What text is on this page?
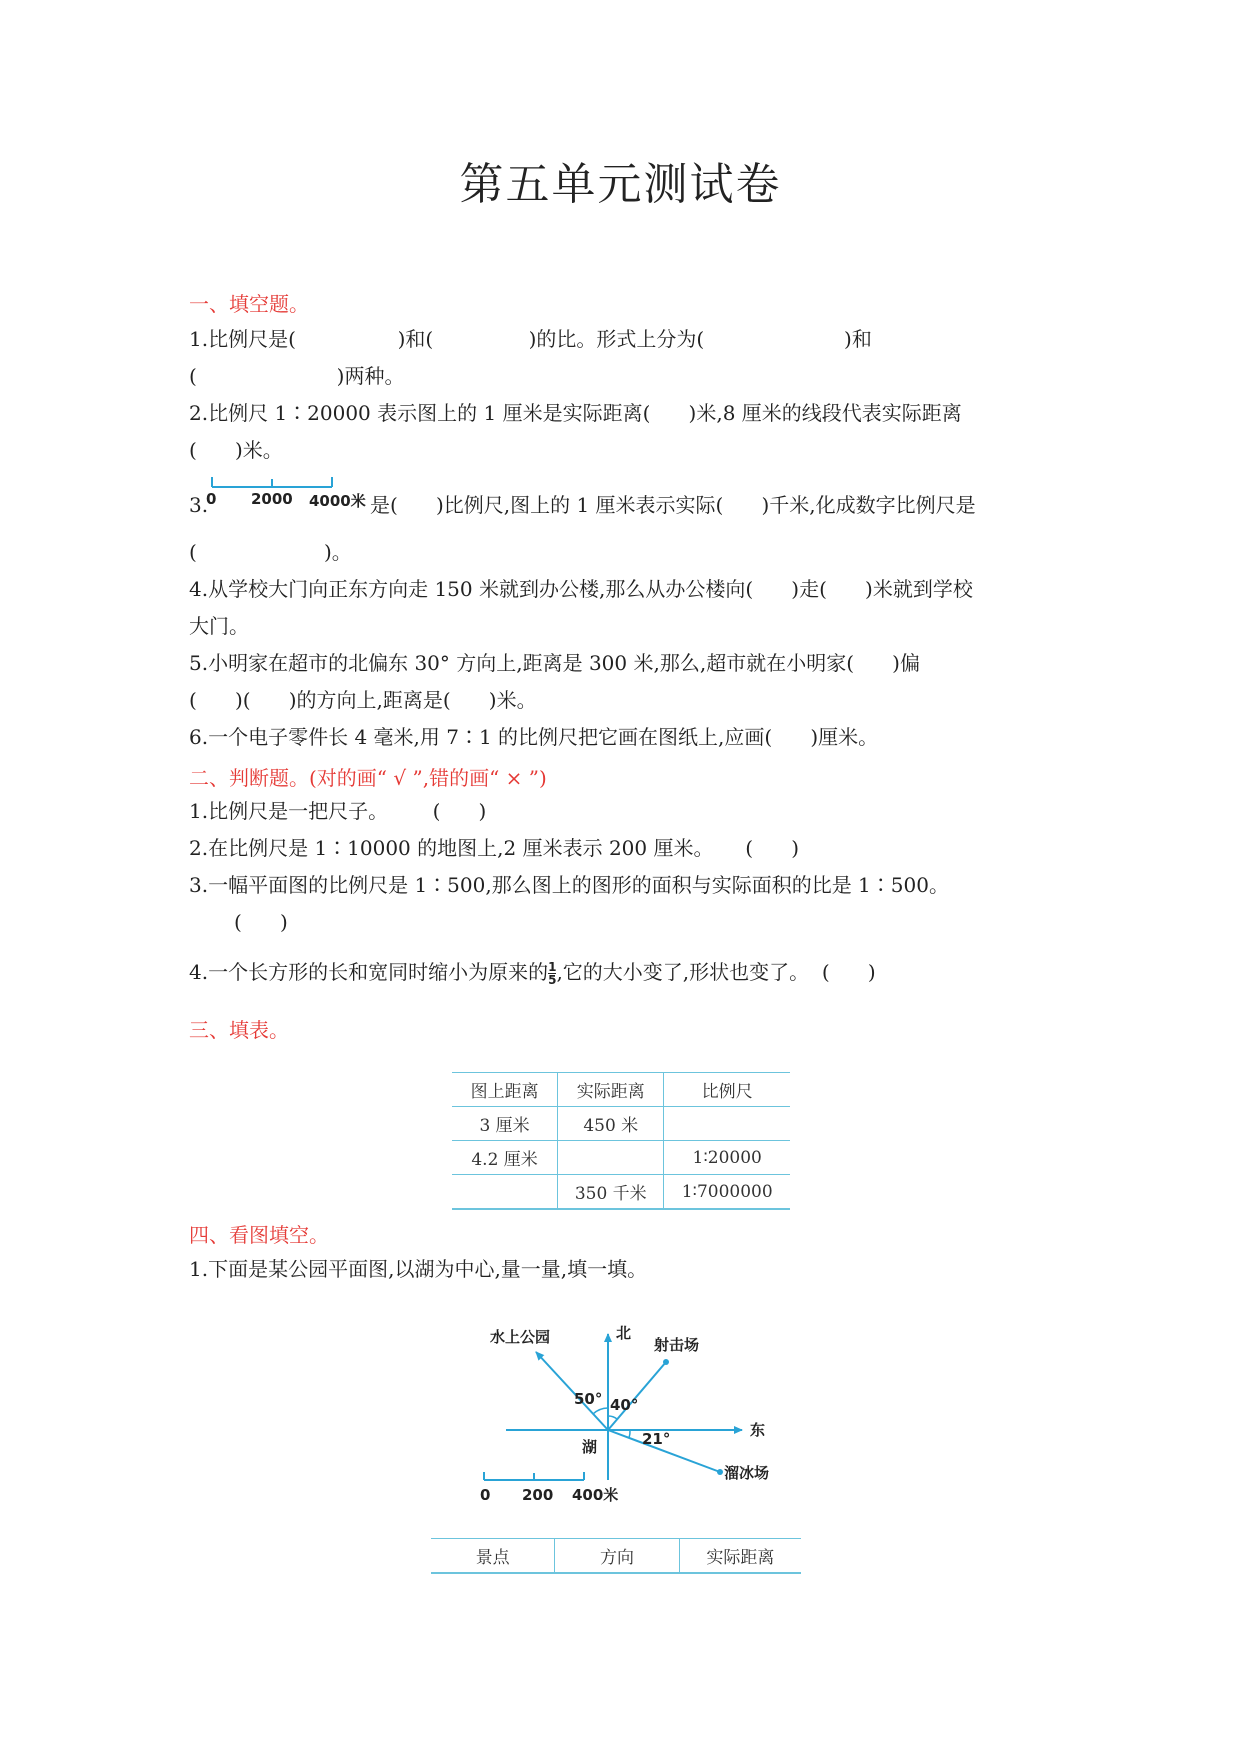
第五单元测试卷
一、填空题。
1.比例尺是(                )和(               )的比。形式上分为(                      )和
(                      )两种。
2.比例尺 1∶20000 表示图上的 1 厘米是实际距离(      )米,8 厘米的线段代表实际距离
(      )米。
3.
0 2000 4000米 是(      )比例尺,图上的 1 厘米表示实际(      )千米,化成数字比例尺是
(                    )。
4.从学校大门向正东方向走 150 米就到办公楼,那么从办公楼向(      )走(      )米就到学校
大门。
5.小明家在超市的北偏东 30° 方向上,距离是 300 米,那么,超市就在小明家(      )偏
(      )(      )的方向上,距离是(      )米。
6.一个电子零件长 4 毫米,用 7∶1 的比例尺把它画在图纸上,应画(      )厘米。
二、判断题。(对的画“ √ ”,错的画“ × ”)
1.比例尺是一把尺子。       (      )
2.在比例尺是 1∶10000 的地图上,2 厘米表示 200 厘米。     (      )
3.一幅平面图的比例尺是 1∶500,那么图上的图形的面积与实际面积的比是 1∶500。
(      )
4.一个长方形的长和宽同时缩小为原来的 $\frac{1}{5}$ ,它的大小变了,形状也变了。  (      )
三、填表。
图上距离	实际距离	比例尺
3 厘米	450 米	
4.2 厘米		1∶20000
	350 千米	1∶7000000
四、看图填空。
1.下面是某公园平面图,以湖为中心,量一量,填一填。
北
东
湖
水上公园	射击场
溜冰场
50° 40°
21°
0 200 400米
景点	方向	实际距离
